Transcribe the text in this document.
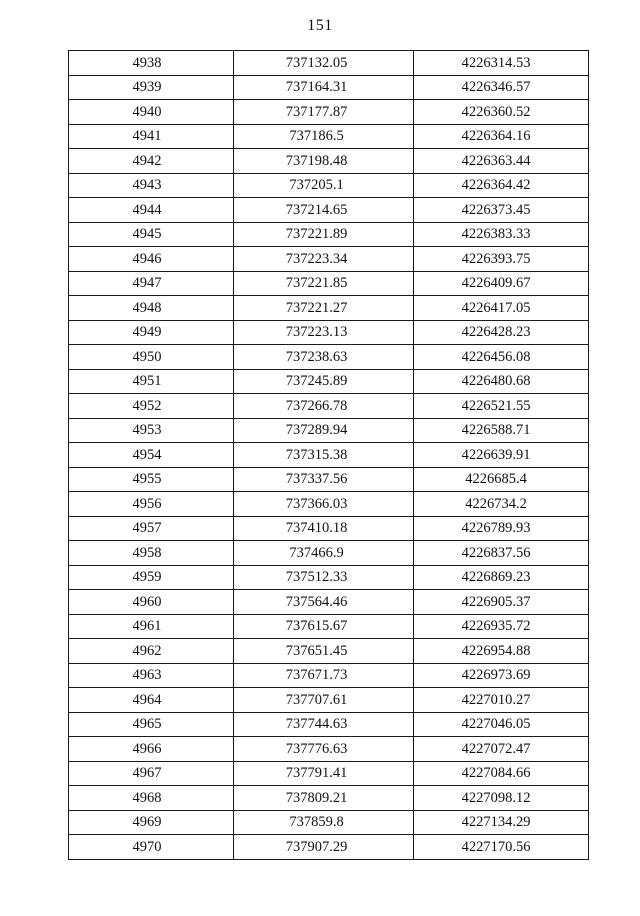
151
4938	737132.05	4226314.53
4939	737164.31	4226346.57
4940	737177.87	4226360.52
4941	737186.5	4226364.16
4942	737198.48	4226363.44
4943	737205.1	4226364.42
4944	737214.65	4226373.45
4945	737221.89	4226383.33
4946	737223.34	4226393.75
4947	737221.85	4226409.67
4948	737221.27	4226417.05
4949	737223.13	4226428.23
4950	737238.63	4226456.08
4951	737245.89	4226480.68
4952	737266.78	4226521.55
4953	737289.94	4226588.71
4954	737315.38	4226639.91
4955	737337.56	4226685.4
4956	737366.03	4226734.2
4957	737410.18	4226789.93
4958	737466.9	4226837.56
4959	737512.33	4226869.23
4960	737564.46	4226905.37
4961	737615.67	4226935.72
4962	737651.45	4226954.88
4963	737671.73	4226973.69
4964	737707.61	4227010.27
4965	737744.63	4227046.05
4966	737776.63	4227072.47
4967	737791.41	4227084.66
4968	737809.21	4227098.12
4969	737859.8	4227134.29
4970	737907.29	4227170.56
